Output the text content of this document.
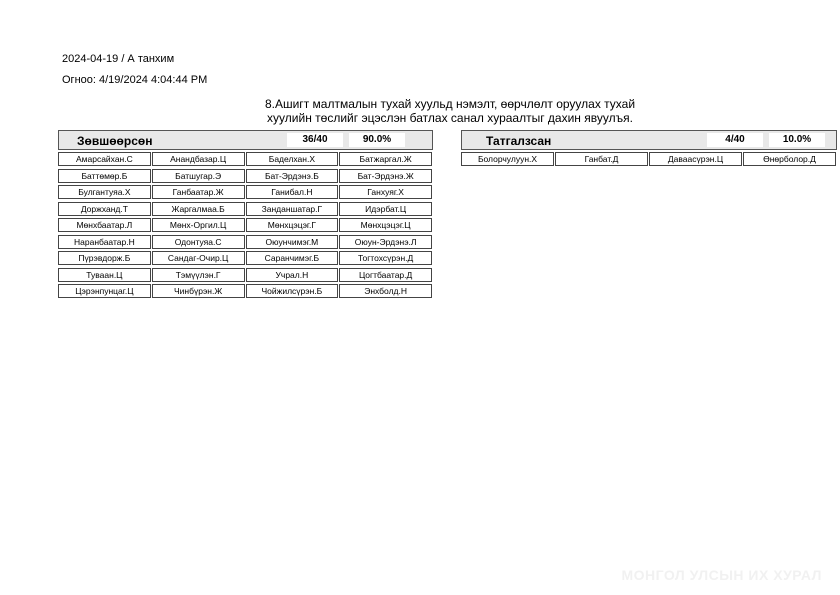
2024-04-19 / А танхим
Огноо: 4/19/2024 4:04:44 PM
8.Ашигт малтмалын тухай хуульд нэмэлт, өөрчлөлт оруулах тухай
хуулийн төслийг эцэслэн батлах санал хураалтыг дахин явуулъя.
Зөвшөөрсөн	36/40	90.0%
Амарсайхан.С	Анандбазар.Ц	Баделхан.Х	Батжаргал.Ж
Баттөмөр.Б	Батшугар.Э	Бат-Эрдэнэ.Б	Бат-Эрдэнэ.Ж
Булгантуяа.Х	Ганбаатар.Ж	Ганибал.Н	Ганхуяг.Х
Доржханд.Т	Жаргалмаа.Б	Занданшатар.Г	Идэрбат.Ц
Мөнхбаатар.Л	Мөнх-Оргил.Ц	Мөнхцэцэг.Г	Мөнхцэцэг.Ц
Наранбаатар.Н	Одонтуяа.С	Оюунчимэг.М	Оюун-Эрдэнэ.Л
Пүрэвдорж.Б	Сандаг-Очир.Ц	Саранчимэг.Б	Тогтохсүрэн.Д
Туваан.Ц	Тэмүүлэн.Г	Учрал.Н	Цогтбаатар.Д
Цэрэнпунцаг.Ц	Чинбүрэн.Ж	Чойжилсүрэн.Б	Энхболд.Н
Татгалзсан	4/40	10.0%
Болорчулуун.Х	Ганбат.Д	Даваасүрэн.Ц	Өнөрболор.Д
МОНГОЛ УЛСЫН ИХ ХУРАЛ
